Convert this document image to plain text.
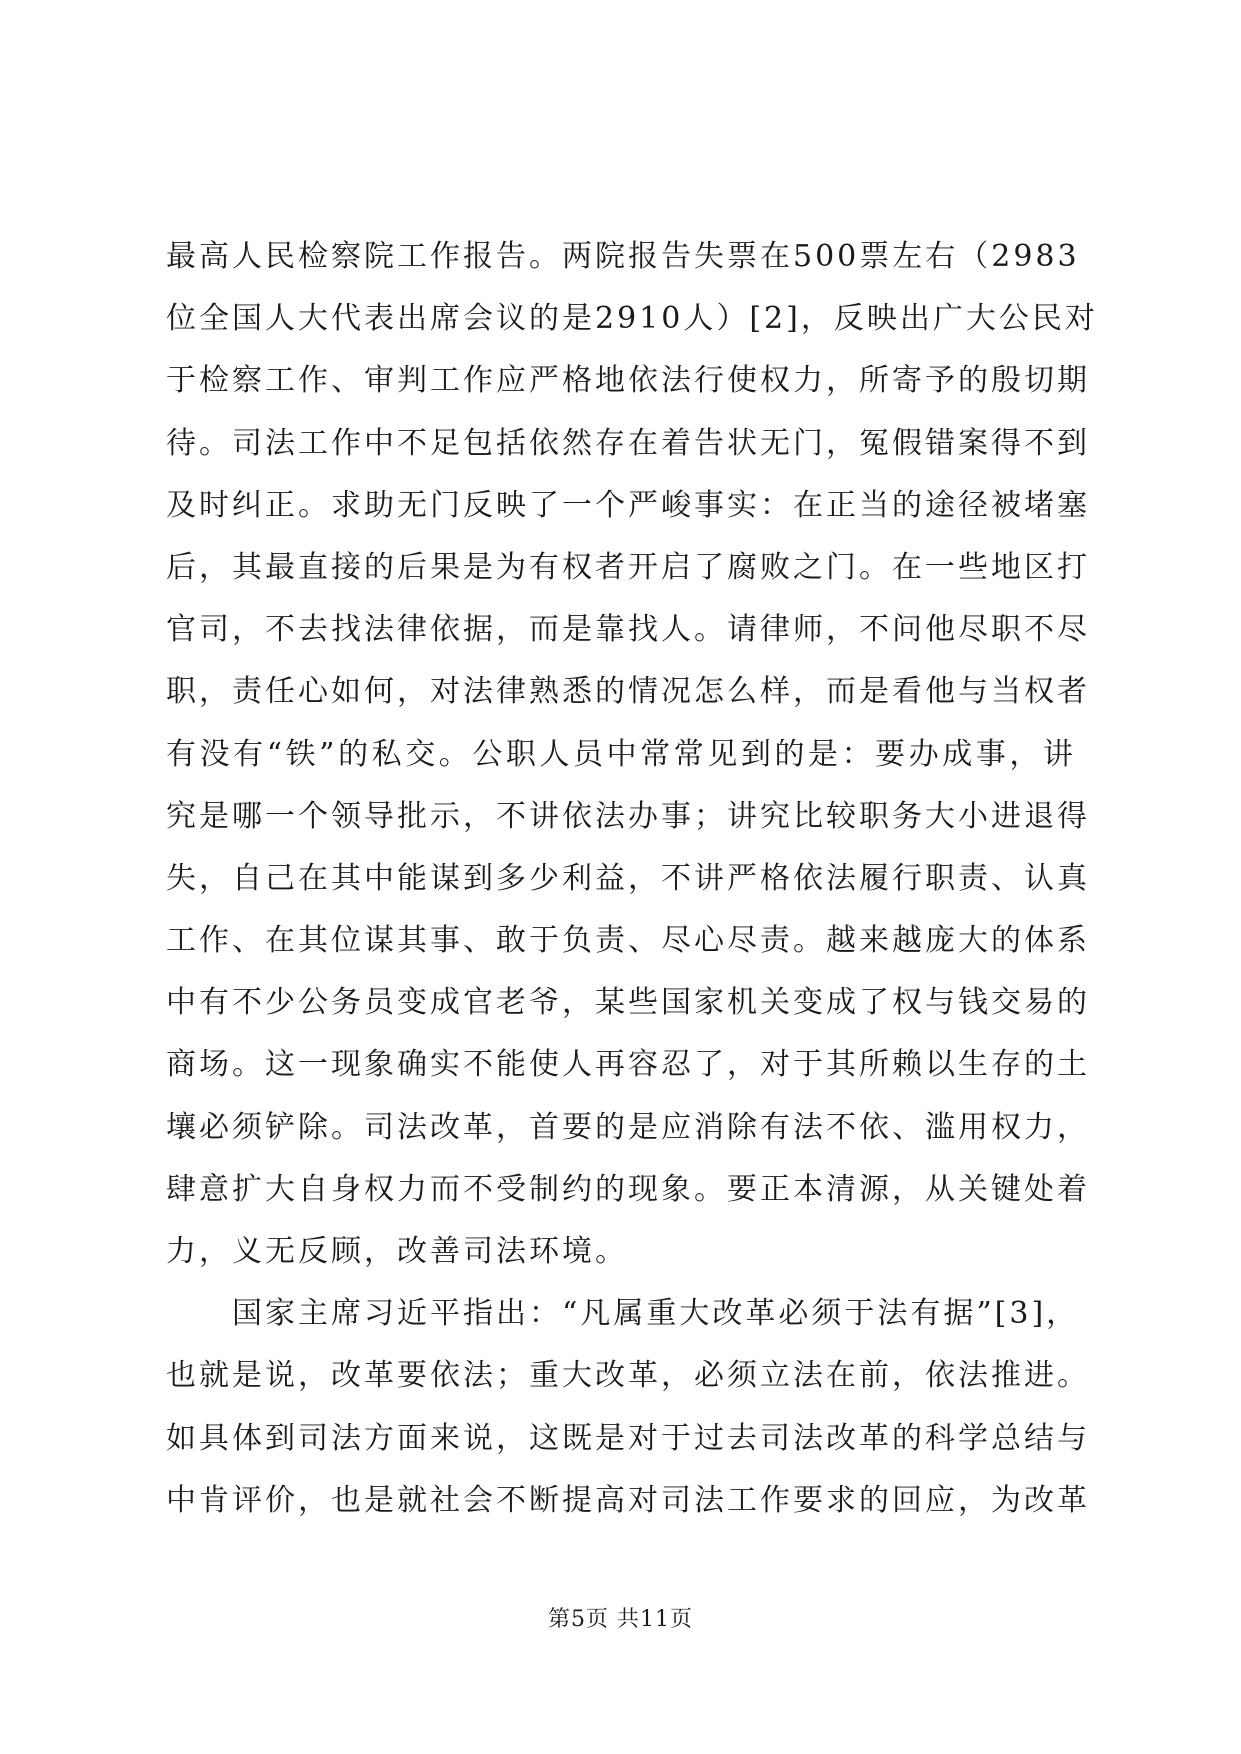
最高人民检察院工作报告。两院报告失票在500票左右（2983
位全国人大代表出席会议的是2910人）[2]，反映出广大公民对
于检察工作、审判工作应严格地依法行使权力，所寄予的殷切期
待。司法工作中不足包括依然存在着告状无门，冤假错案得不到
及时纠正。求助无门反映了一个严峻事实：在正当的途径被堵塞
后，其最直接的后果是为有权者开启了腐败之门。在一些地区打
官司，不去找法律依据，而是靠找人。请律师，不问他尽职不尽
职，责任心如何，对法律熟悉的情况怎么样，而是看他与当权者
有没有“铁”的私交。公职人员中常常见到的是：要办成事，讲
究是哪一个领导批示，不讲依法办事；讲究比较职务大小进退得
失，自己在其中能谋到多少利益，不讲严格依法履行职责、认真
工作、在其位谋其事、敢于负责、尽心尽责。越来越庞大的体系
中有不少公务员变成官老爷，某些国家机关变成了权与钱交易的
商场。这一现象确实不能使人再容忍了，对于其所赖以生存的土
壤必须铲除。司法改革，首要的是应消除有法不依、滥用权力，
肆意扩大自身权力而不受制约的现象。要正本清源，从关键处着
力，义无反顾，改善司法环境。
　　国家主席习近平指出：“凡属重大改革必须于法有据”[3]，
也就是说，改革要依法；重大改革，必须立法在前，依法推进。
如具体到司法方面来说，这既是对于过去司法改革的科学总结与
中肯评价，也是就社会不断提高对司法工作要求的回应，为改革
第5页 共11页
